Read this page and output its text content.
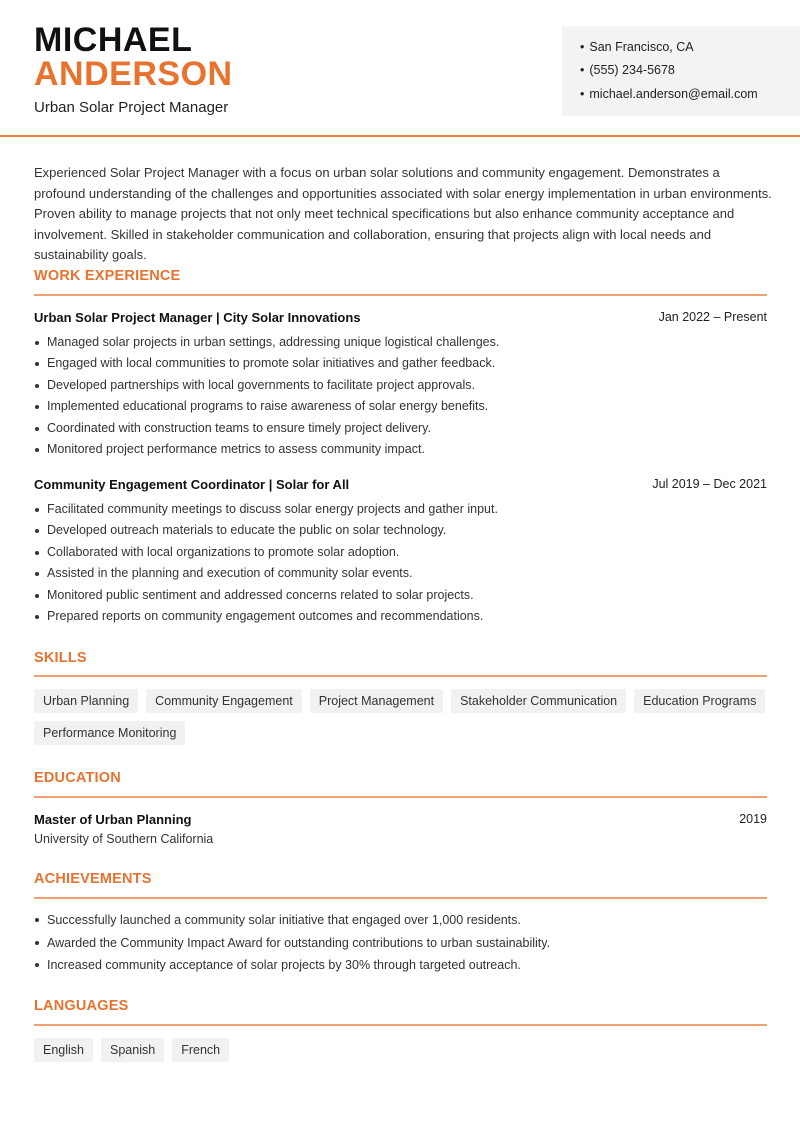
MICHAEL
ANDERSON
Urban Solar Project Manager
• San Francisco, CA
• (555) 234-5678
• michael.anderson@email.com

Experienced Solar Project Manager with a focus on urban solar solutions and community engagement. Demonstrates a profound understanding of the challenges and opportunities associated with solar energy implementation in urban environments. Proven ability to manage projects that not only meet technical specifications but also enhance community acceptance and involvement. Skilled in stakeholder communication and collaboration, ensuring that projects align with local needs and sustainability goals.

WORK EXPERIENCE
Urban Solar Project Manager | City Solar Innovations	Jan 2022 – Present
Managed solar projects in urban settings, addressing unique logistical challenges.
Engaged with local communities to promote solar initiatives and gather feedback.
Developed partnerships with local governments to facilitate project approvals.
Implemented educational programs to raise awareness of solar energy benefits.
Coordinated with construction teams to ensure timely project delivery.
Monitored project performance metrics to assess community impact.
Community Engagement Coordinator | Solar for All	Jul 2019 – Dec 2021
Facilitated community meetings to discuss solar energy projects and gather input.
Developed outreach materials to educate the public on solar technology.
Collaborated with local organizations to promote solar adoption.
Assisted in the planning and execution of community solar events.
Monitored public sentiment and addressed concerns related to solar projects.
Prepared reports on community engagement outcomes and recommendations.
SKILLS
Urban Planning	Community Engagement	Project Management	Stakeholder Communication	Education Programs
Performance Monitoring
EDUCATION
Master of Urban Planning	2019
University of Southern California
ACHIEVEMENTS
Successfully launched a community solar initiative that engaged over 1,000 residents.
Awarded the Community Impact Award for outstanding contributions to urban sustainability.
Increased community acceptance of solar projects by 30% through targeted outreach.
LANGUAGES
English	Spanish	French
